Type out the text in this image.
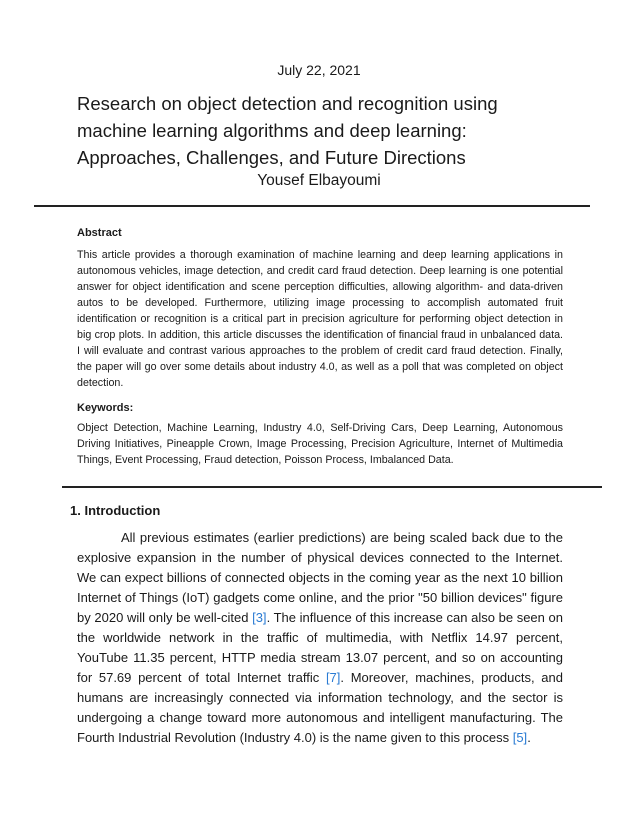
July 22, 2021
Research on object detection and recognition using machine learning algorithms and deep learning: Approaches, Challenges, and Future Directions
Yousef Elbayoumi
Abstract
This article provides a thorough examination of machine learning and deep learning applications in autonomous vehicles, image detection, and credit card fraud detection. Deep learning is one potential answer for object identification and scene perception difficulties, allowing algorithm- and data-driven autos to be developed. Furthermore, utilizing image processing to accomplish automated fruit identification or recognition is a critical part in precision agriculture for performing object detection in big crop plots. In addition, this article discusses the identification of financial fraud in unbalanced data. I will evaluate and contrast various approaches to the problem of credit card fraud detection. Finally, the paper will go over some details about industry 4.0, as well as a poll that was completed on object detection.
Keywords:
Object Detection, Machine Learning, Industry 4.0, Self-Driving Cars, Deep Learning, Autonomous Driving Initiatives, Pineapple Crown, Image Processing, Precision Agriculture, Internet of Multimedia Things, Event Processing, Fraud detection, Poisson Process, Imbalanced Data.
1. Introduction
All previous estimates (earlier predictions) are being scaled back due to the explosive expansion in the number of physical devices connected to the Internet. We can expect billions of connected objects in the coming year as the next 10 billion Internet of Things (IoT) gadgets come online, and the prior "50 billion devices" figure by 2020 will only be well-cited [3]. The influence of this increase can also be seen on the worldwide network in the traffic of multimedia, with Netflix 14.97 percent, YouTube 11.35 percent, HTTP media stream 13.07 percent, and so on accounting for 57.69 percent of total Internet traffic [7]. Moreover, machines, products, and humans are increasingly connected via information technology, and the sector is undergoing a change toward more autonomous and intelligent manufacturing. The Fourth Industrial Revolution (Industry 4.0) is the name given to this process [5].
